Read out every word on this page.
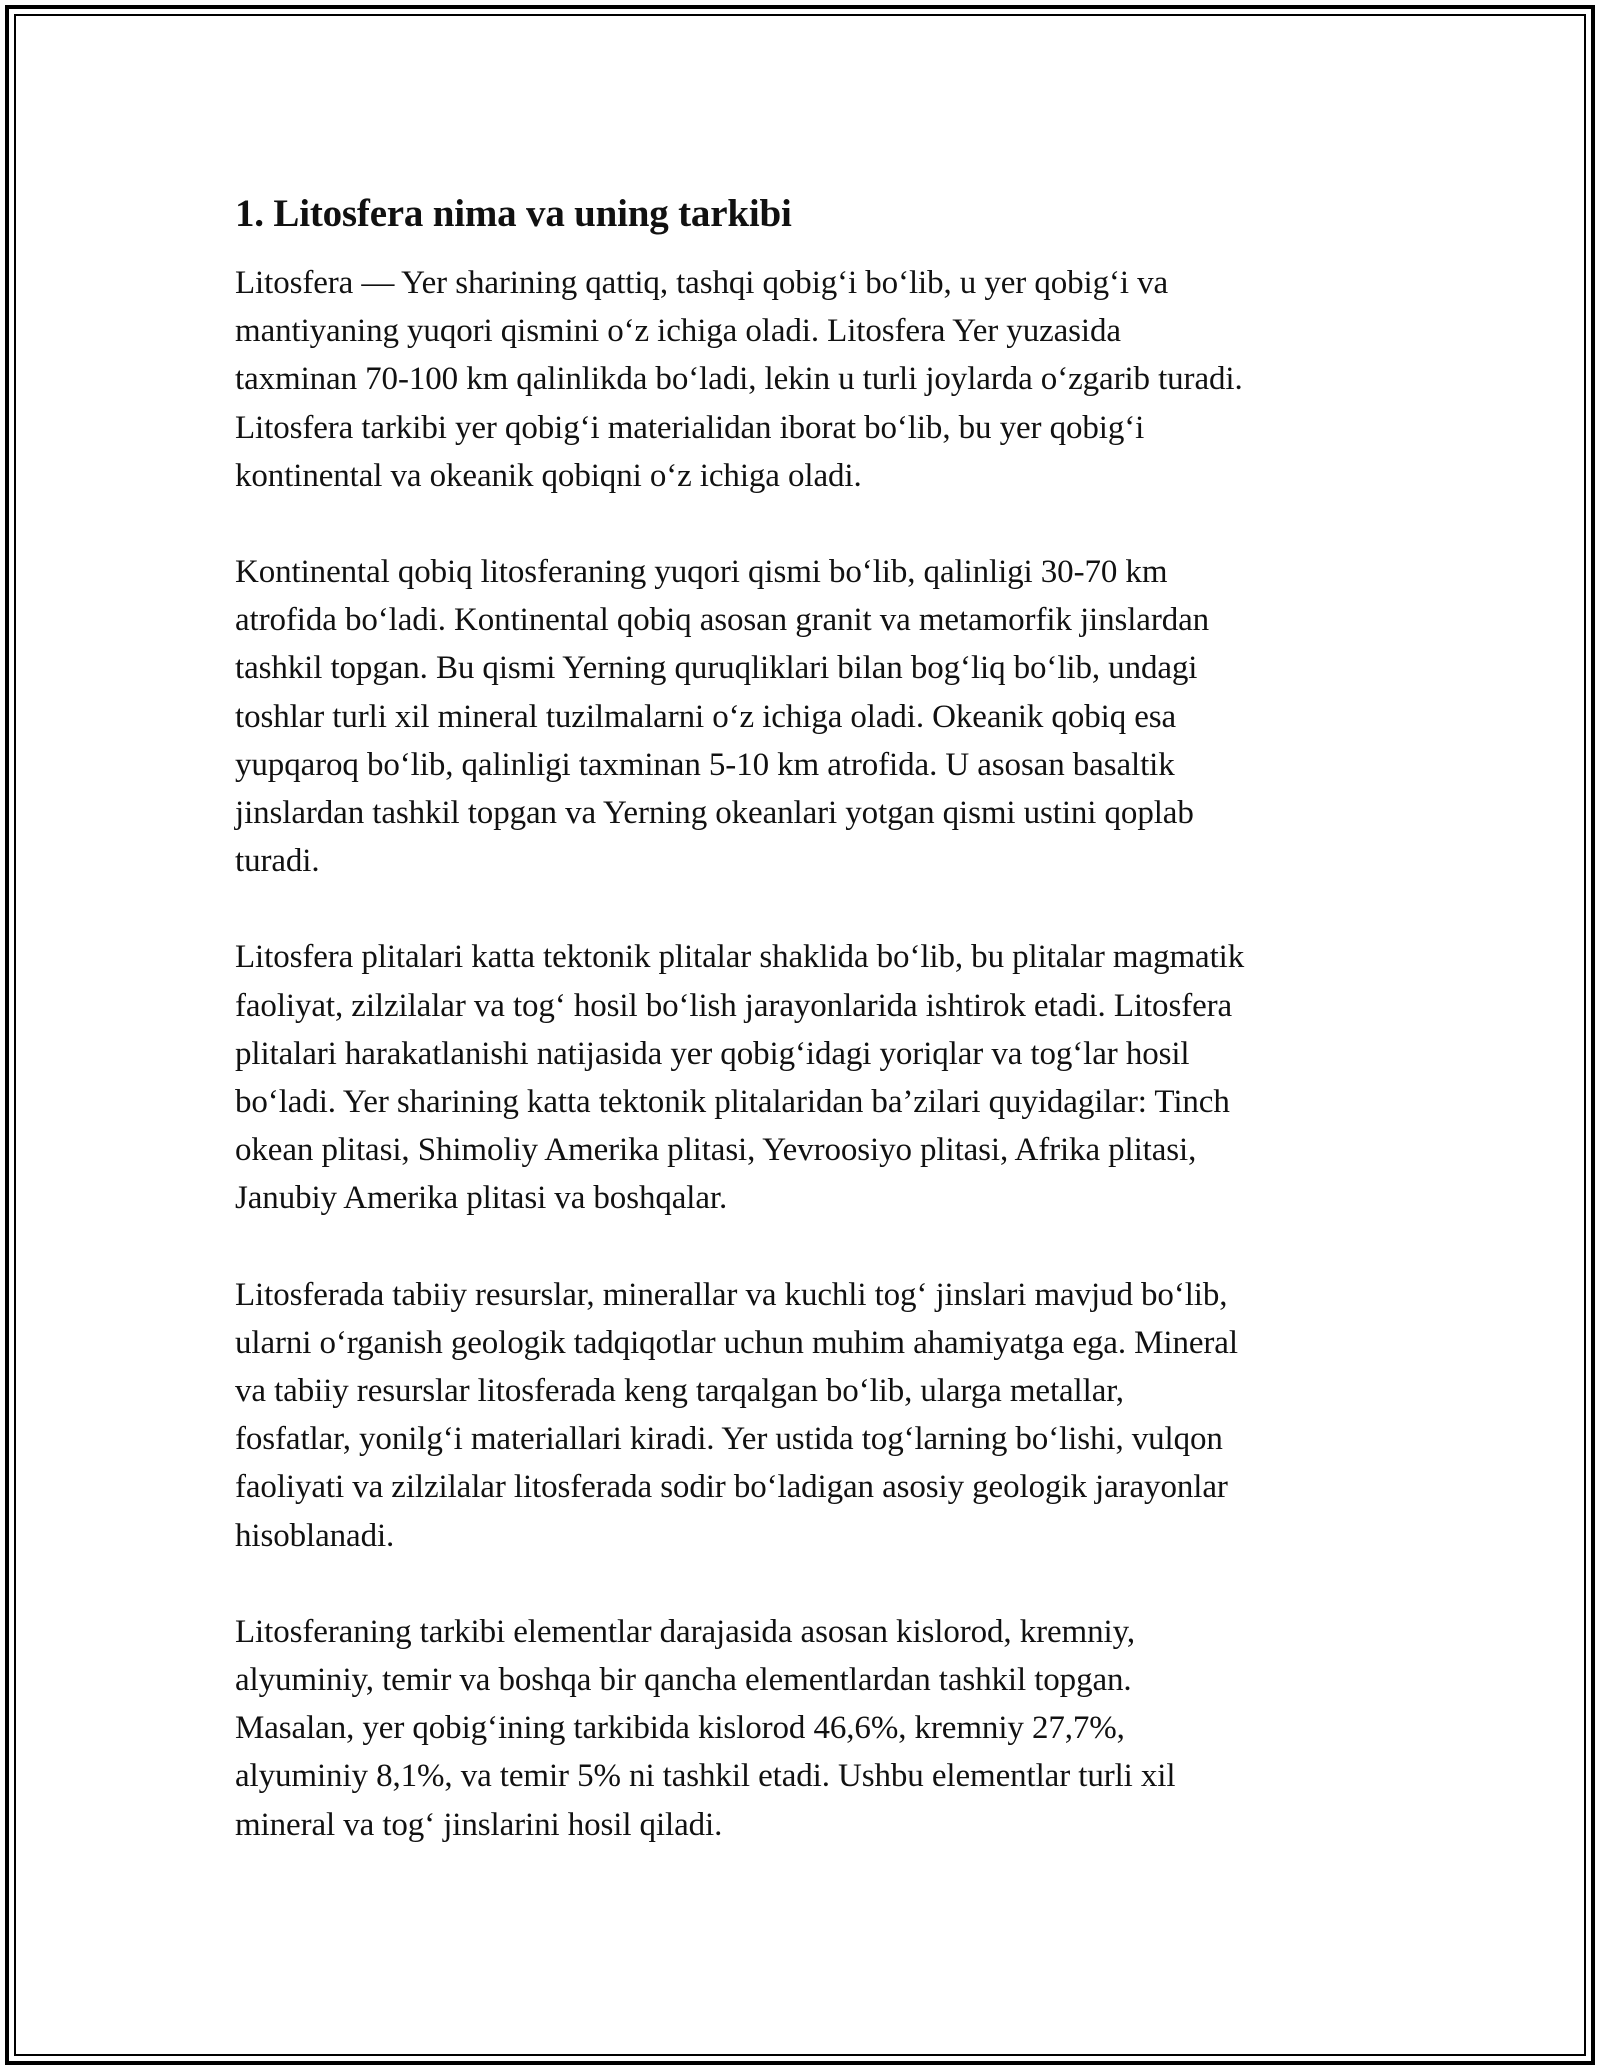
1. Litosfera nima va uning tarkibi

Litosfera — Yer sharining qattiq, tashqi qobig‘i bo‘lib, u yer qobig‘i va
mantiyaning yuqori qismini o‘z ichiga oladi. Litosfera Yer yuzasida
taxminan 70-100 km qalinlikda bo‘ladi, lekin u turli joylarda o‘zgarib turadi.
Litosfera tarkibi yer qobig‘i materialidan iborat bo‘lib, bu yer qobig‘i
kontinental va okeanik qobiqni o‘z ichiga oladi.

Kontinental qobiq litosferaning yuqori qismi bo‘lib, qalinligi 30-70 km
atrofida bo‘ladi. Kontinental qobiq asosan granit va metamorfik jinslardan
tashkil topgan. Bu qismi Yerning quruqliklari bilan bog‘liq bo‘lib, undagi
toshlar turli xil mineral tuzilmalarni o‘z ichiga oladi. Okeanik qobiq esa
yupqaroq bo‘lib, qalinligi taxminan 5-10 km atrofida. U asosan basaltik
jinslardan tashkil topgan va Yerning okeanlari yotgan qismi ustini qoplab
turadi.

Litosfera plitalari katta tektonik plitalar shaklida bo‘lib, bu plitalar magmatik
faoliyat, zilzilalar va tog‘ hosil bo‘lish jarayonlarida ishtirok etadi. Litosfera
plitalari harakatlanishi natijasida yer qobig‘idagi yoriqlar va tog‘lar hosil
bo‘ladi. Yer sharining katta tektonik plitalaridan ba’zilari quyidagilar: Tinch
okean plitasi, Shimoliy Amerika plitasi, Yevroosiyo plitasi, Afrika plitasi,
Janubiy Amerika plitasi va boshqalar.

Litosferada tabiiy resurslar, minerallar va kuchli tog‘ jinslari mavjud bo‘lib,
ularni o‘rganish geologik tadqiqotlar uchun muhim ahamiyatga ega. Mineral
va tabiiy resurslar litosferada keng tarqalgan bo‘lib, ularga metallar,
fosfatlar, yonilg‘i materiallari kiradi. Yer ustida tog‘larning bo‘lishi, vulqon
faoliyati va zilzilalar litosferada sodir bo‘ladigan asosiy geologik jarayonlar
hisoblanadi.

Litosferaning tarkibi elementlar darajasida asosan kislorod, kremniy,
alyuminiy, temir va boshqa bir qancha elementlardan tashkil topgan.
Masalan, yer qobig‘ining tarkibida kislorod 46,6%, kremniy 27,7%,
alyuminiy 8,1%, va temir 5% ni tashkil etadi. Ushbu elementlar turli xil
mineral va tog‘ jinslarini hosil qiladi.
